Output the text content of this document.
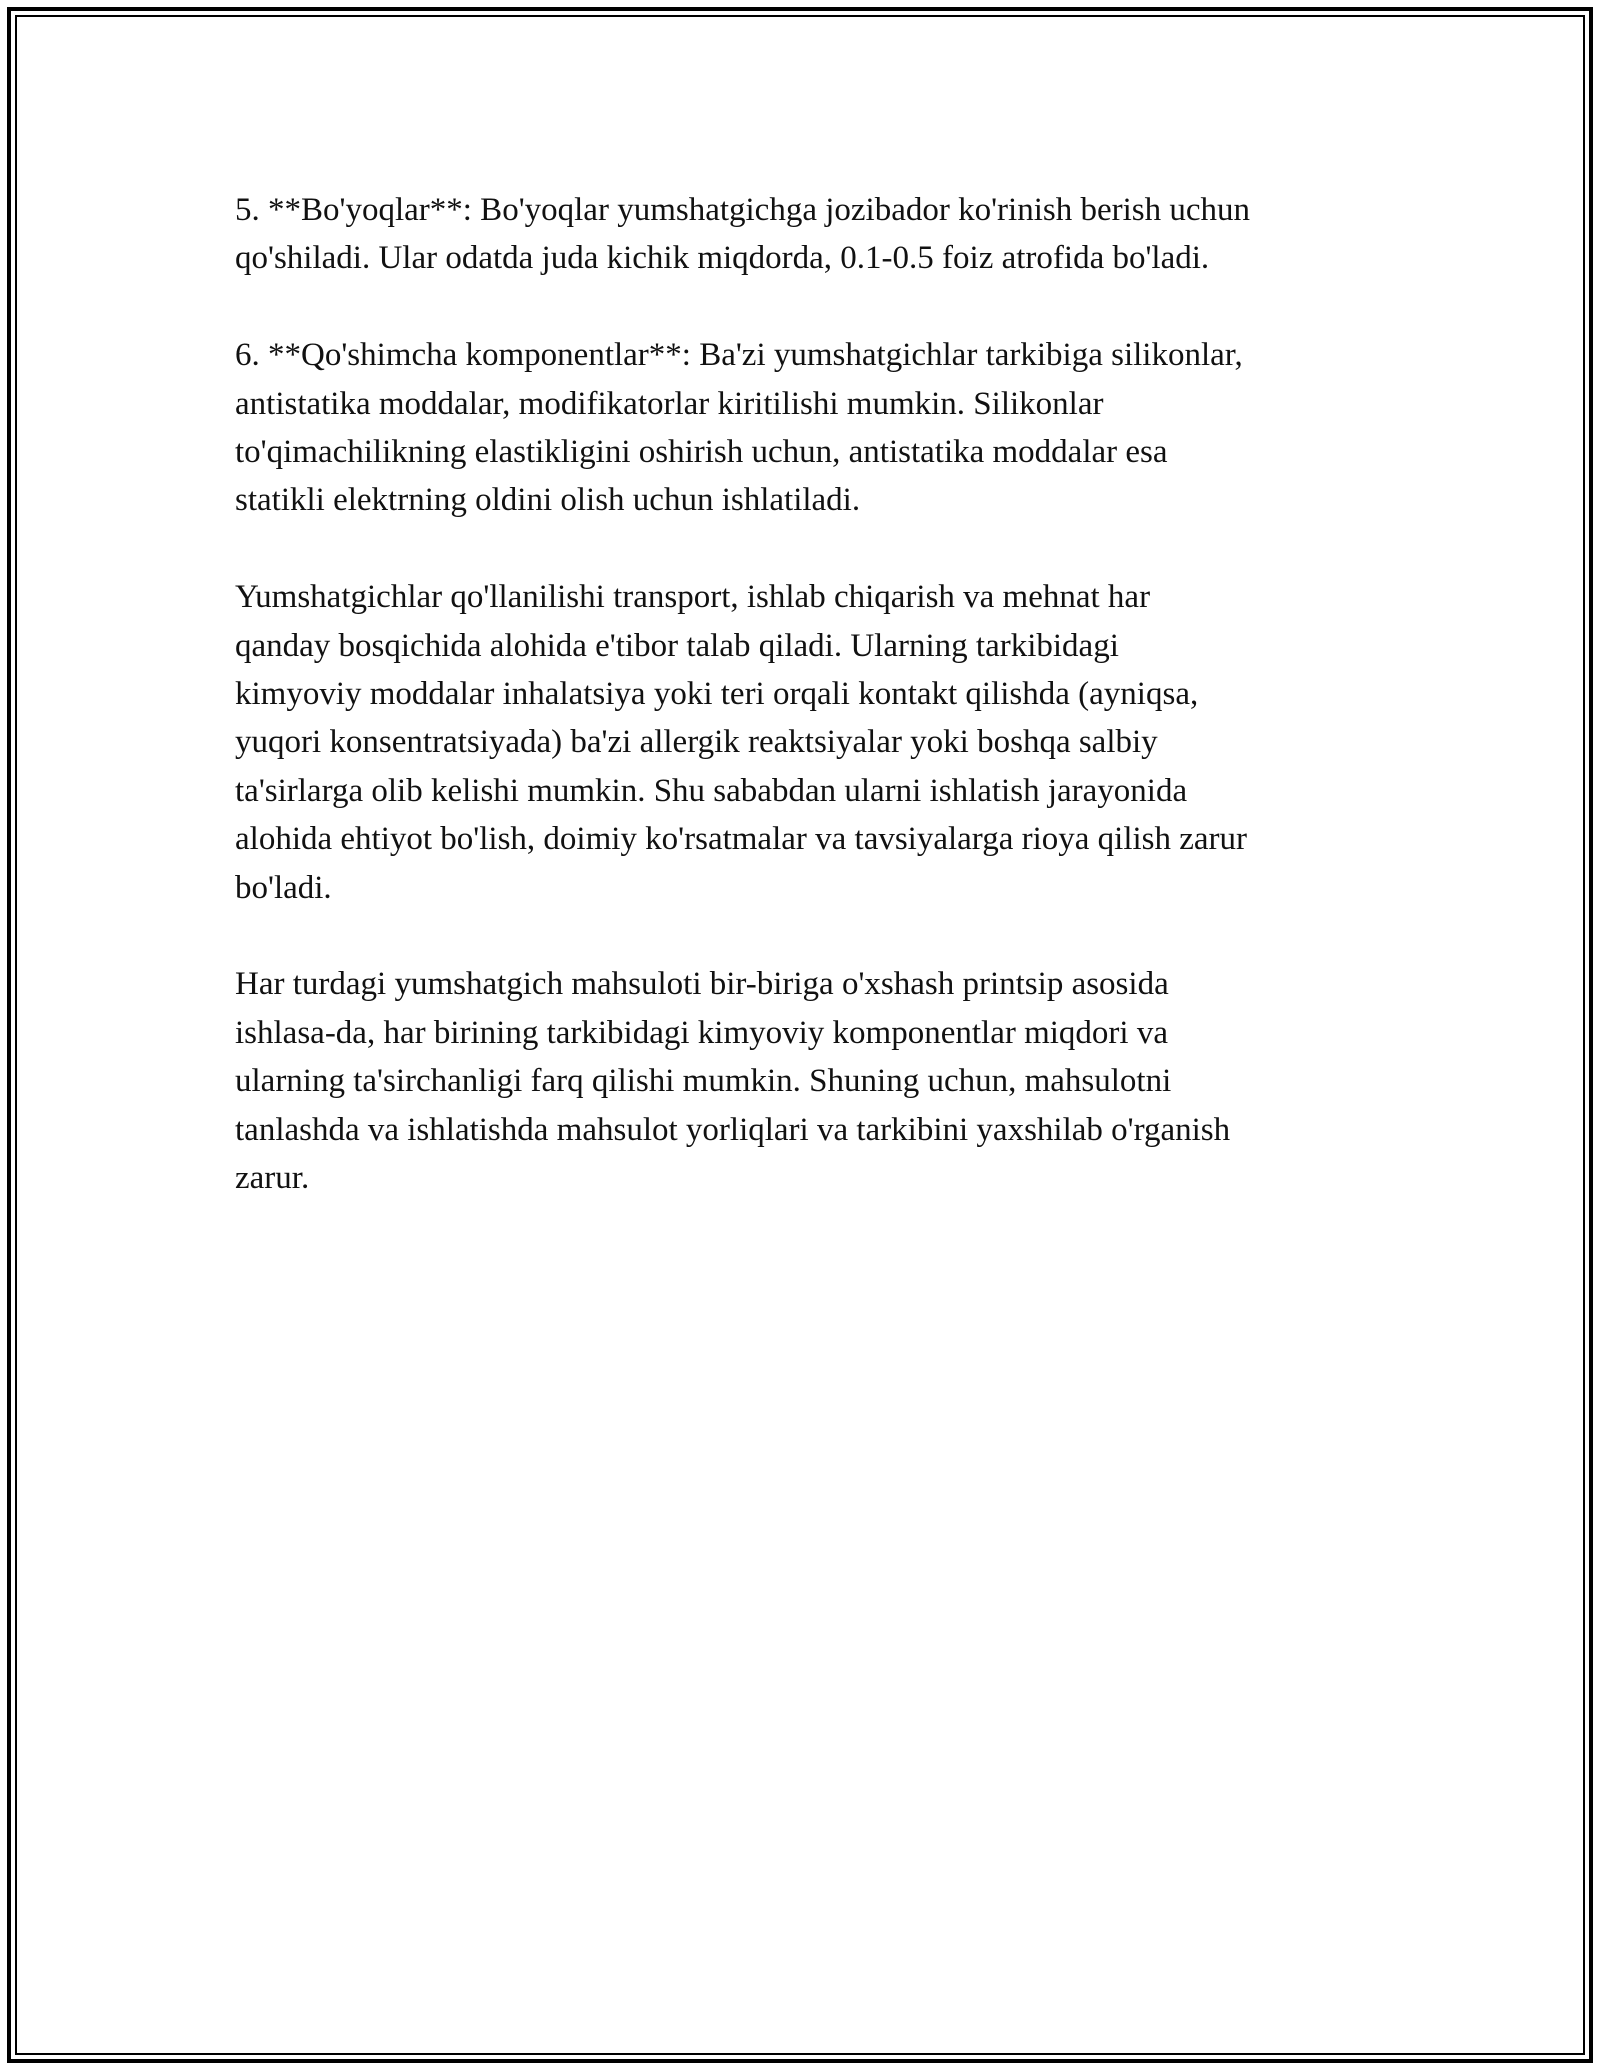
5. **Bo'yoqlar**: Bo'yoqlar yumshatgichga jozibador ko'rinish berish uchun
qo'shiladi. Ular odatda juda kichik miqdorda, 0.1-0.5 foiz atrofida bo'ladi.

6. **Qo'shimcha komponentlar**: Ba'zi yumshatgichlar tarkibiga silikonlar,
antistatika moddalar, modifikatorlar kiritilishi mumkin. Silikonlar
to'qimachilikning elastikligini oshirish uchun, antistatika moddalar esa
statikli elektrning oldini olish uchun ishlatiladi.

Yumshatgichlar qo'llanilishi transport, ishlab chiqarish va mehnat har
qanday bosqichida alohida e'tibor talab qiladi. Ularning tarkibidagi
kimyoviy moddalar inhalatsiya yoki teri orqali kontakt qilishda (ayniqsa,
yuqori konsentratsiyada) ba'zi allergik reaktsiyalar yoki boshqa salbiy
ta'sirlarga olib kelishi mumkin. Shu sababdan ularni ishlatish jarayonida
alohida ehtiyot bo'lish, doimiy ko'rsatmalar va tavsiyalarga rioya qilish zarur
bo'ladi.

Har turdagi yumshatgich mahsuloti bir-biriga o'xshash printsip asosida
ishlasa-da, har birining tarkibidagi kimyoviy komponentlar miqdori va
ularning ta'sirchanligi farq qilishi mumkin. Shuning uchun, mahsulotni
tanlashda va ishlatishda mahsulot yorliqlari va tarkibini yaxshilab o'rganish
zarur.
